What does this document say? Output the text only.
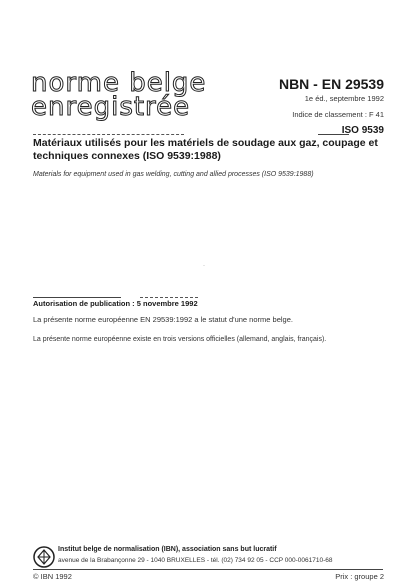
norme belge
enregistrée
NBN - EN 29539
1e éd., septembre 1992
Indice de classement : F 41
ISO 9539
Matériaux utilisés pour les matériels de soudage aux gaz, coupage et techniques connexes (ISO 9539:1988)
Materials for equipment used in gas welding, cutting and allied processes (ISO 9539:1988)
·
Autorisation de publication : 5 novembre 1992
La présente norme européenne EN 29539:1992 a le statut d'une norme belge.
La présente norme européenne existe en trois versions officielles (allemand, anglais, français).
Institut belge de normalisation (IBN), association sans but lucratif
avenue de la Brabançonne 29 - 1040 BRUXELLES - tél. (02) 734 92 05 - CCP 000-0061710-68
© IBN 1992	Prix : groupe 2
